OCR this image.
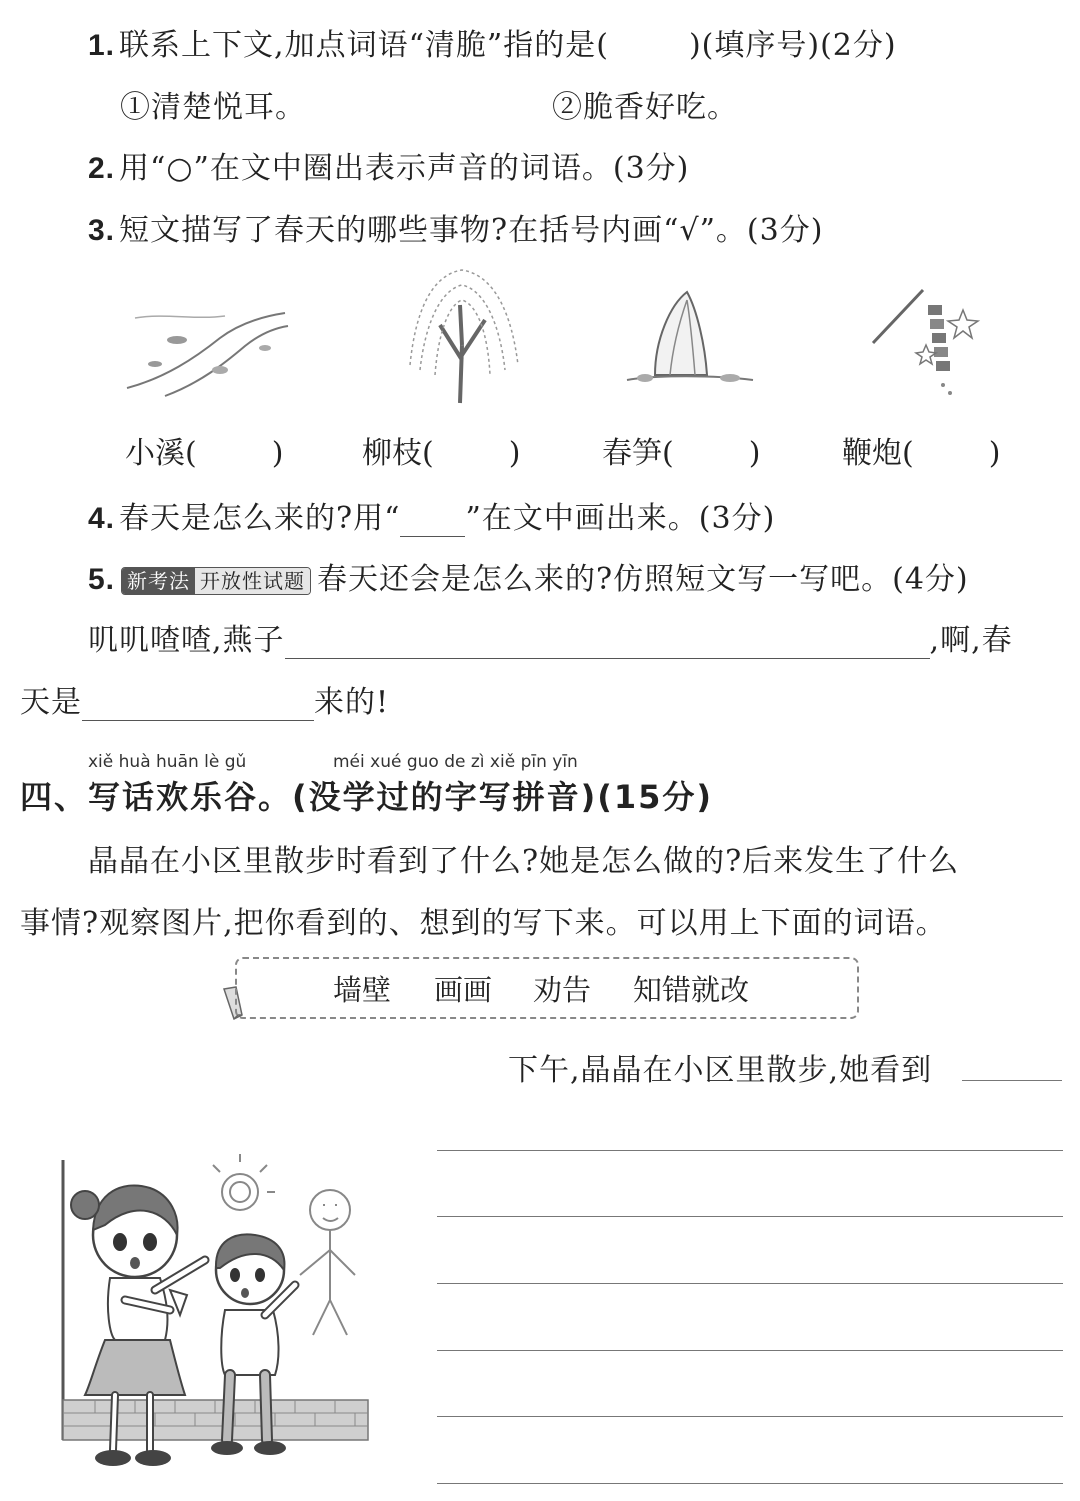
1. 联系上下文,加点词语“清脆”指的是(	)(填序号)(2分)
①清楚悦耳。	②脆香好吃。
2. 用“○”在文中圈出表示声音的词语。(3分)
3. 短文描写了春天的哪些事物?在括号内画“√”。(3分)
小溪(	)	柳枝(	)	春笋(	)	鞭炮(	)
4. 春天是怎么来的?用“ ”在文中画出来。(3分)
5. 新考法 开放性试题 春天还会是怎么来的?仿照短文写一写吧。(4分)
叽叽喳喳,燕子	,啊,春
天是	来的!
xiě huà huān lè gǔ	méi xué guo de zì xiě pīn yīn
四、写话欢乐谷。(没学过的字写拼音)(15分)
晶晶在小区里散步时看到了什么?她是怎么做的?后来发生了什么
事情?观察图片,把你看到的、想到的写下来。可以用上下面的词语。
墙壁 画画 劝告 知错就改
下午,晶晶在小区里散步,她看到
